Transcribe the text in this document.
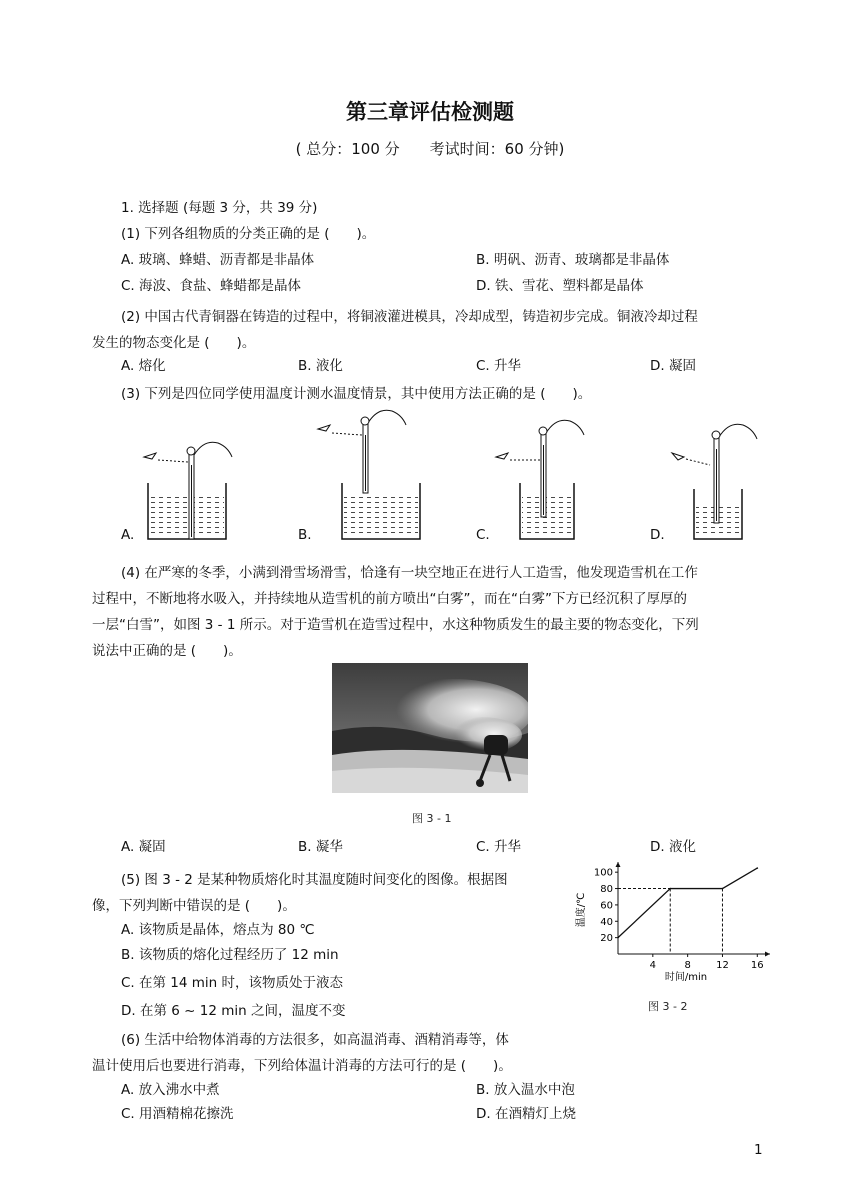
第三章评估检测题
( 总分：100 分　　考试时间：60 分钟)
1. 选择题 (每题 3 分，共 39 分)
(1) 下列各组物质的分类正确的是 (　　)。
A. 玻璃、蜂蜡、沥青都是非晶体	B. 明矾、沥青、玻璃都是非晶体
C. 海波、食盐、蜂蜡都是晶体	D. 铁、雪花、塑料都是晶体
(2) 中国古代青铜器在铸造的过程中，将铜液灌进模具，冷却成型，铸造初步完成。铜液冷却过程
发生的物态变化是 (　　)。
A. 熔化	B. 液化	C. 升华	D. 凝固
(3) 下列是四位同学使用温度计测水温度情景，其中使用方法正确的是 (　　)。
A.	B.	C.	D.
(4) 在严寒的冬季，小满到滑雪场滑雪，恰逢有一块空地正在进行人工造雪，他发现造雪机在工作
过程中，不断地将水吸入，并持续地从造雪机的前方喷出“白雾”，而在“白雾”下方已经沉积了厚厚的
一层“白雪”，如图 3 - 1 所示。对于造雪机在造雪过程中，水这种物质发生的最主要的物态变化，下列
说法中正确的是 (　　)。
图 3 - 1
A. 凝固	B. 凝华	C. 升华	D. 液化
(5) 图 3 - 2 是某种物质熔化时其温度随时间变化的图像。根据图
像，下列判断中错误的是 (　　)。
A. 该物质是晶体，熔点为 80 ℃
B. 该物质的熔化过程经历了 12 min
C. 在第 14 min 时，该物质处于液态
D. 在第 6 ~ 12 min 之间，温度不变
温度/℃
时间/min
20
40
60
80
100
4	8	12 16
图 3 - 2
(6) 生活中给物体消毒的方法很多，如高温消毒、酒精消毒等，体
温计使用后也要进行消毒，下列给体温计消毒的方法可行的是 (　　)。
A. 放入沸水中煮	B. 放入温水中泡
C. 用酒精棉花擦洗	D. 在酒精灯上烧
1
